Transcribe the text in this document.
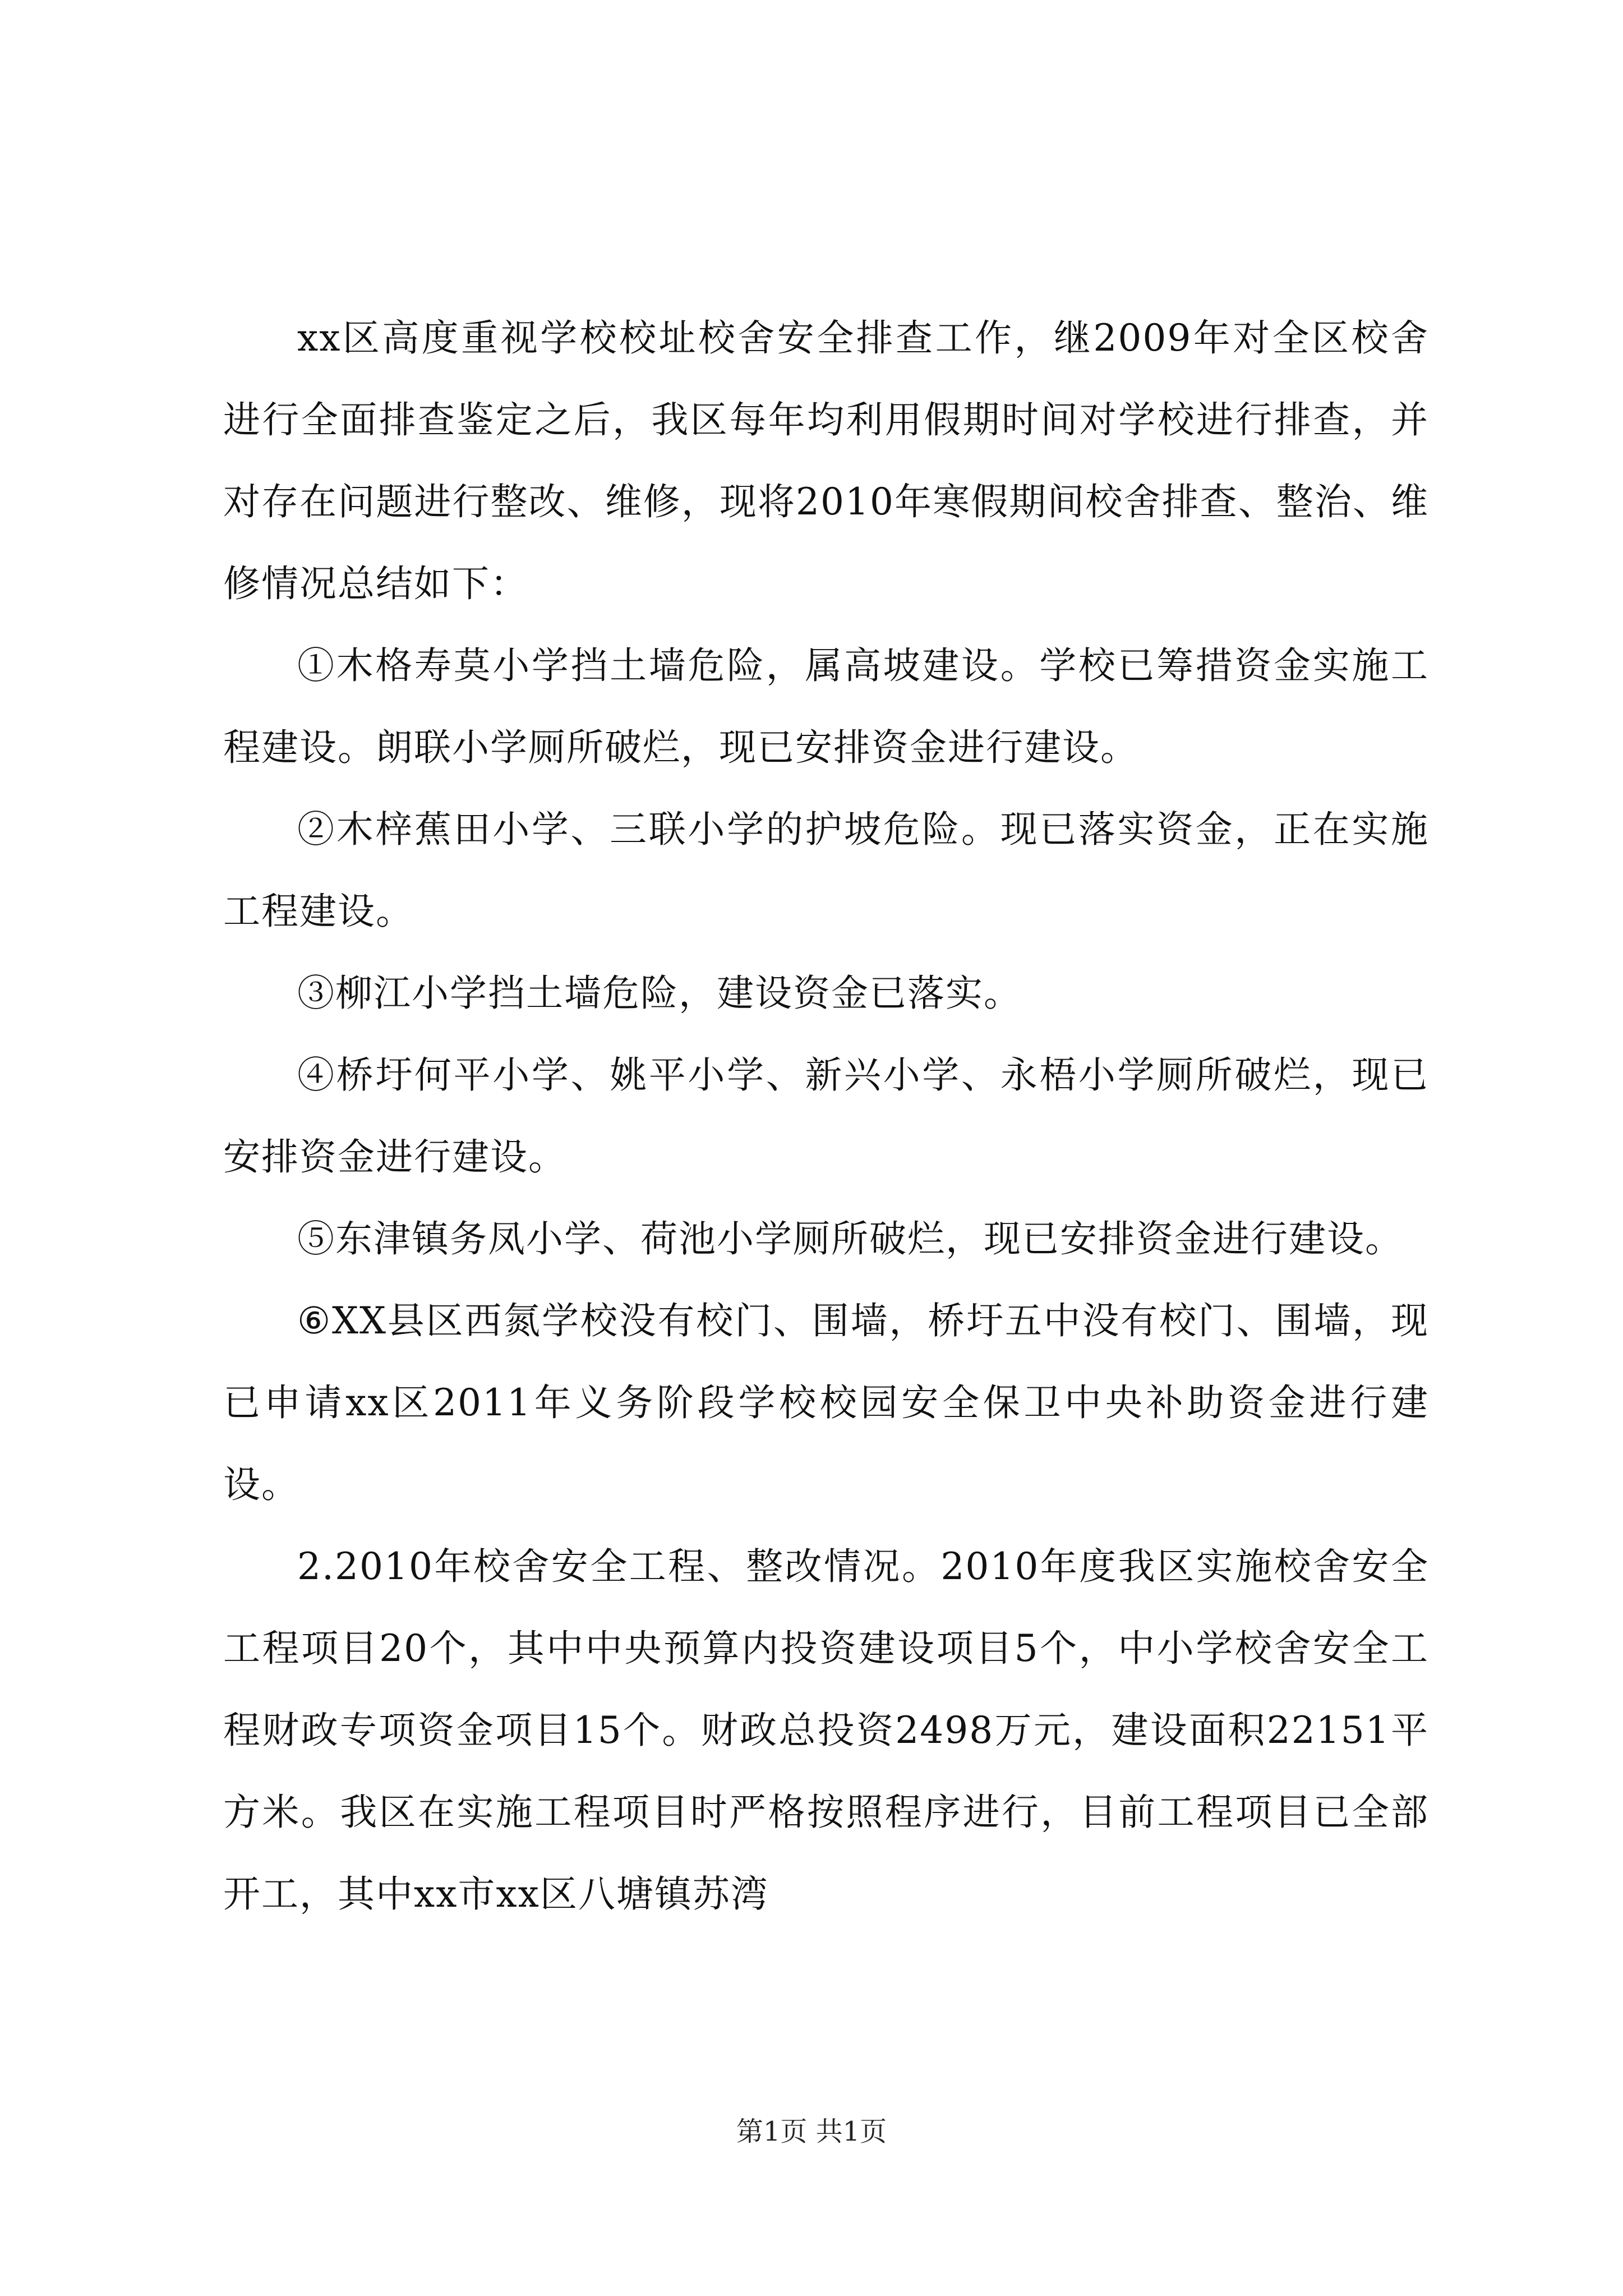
xx区高度重视学校校址校舍安全排查工作，继2009年对全区校舍进行全面排查鉴定之后，我区每年均利用假期时间对学校进行排查，并对存在问题进行整改、维修，现将2010年寒假期间校舍排查、整治、维修情况总结如下：

①木格寿莫小学挡土墙危险，属高坡建设。学校已筹措资金实施工程建设。朗联小学厕所破烂，现已安排资金进行建设。

②木梓蕉田小学、三联小学的护坡危险。现已落实资金，正在实施工程建设。

③柳江小学挡土墙危险，建设资金已落实。

④桥圩何平小学、姚平小学、新兴小学、永梧小学厕所破烂，现已安排资金进行建设。

⑤东津镇务凤小学、荷池小学厕所破烂，现已安排资金进行建设。

⑥XX县区西氮学校没有校门、围墙，桥圩五中没有校门、围墙，现已申请xx区2011年义务阶段学校校园安全保卫中央补助资金进行建设。

2.2010年校舍安全工程、整改情况。2010年度我区实施校舍安全工程项目20个，其中中央预算内投资建设项目5个，中小学校舍安全工程财政专项资金项目15个。财政总投资2498万元，建设面积22151平方米。我区在实施工程项目时严格按照程序进行，目前工程项目已全部开工，其中xx市xx区八塘镇苏湾

第1页 共1页
